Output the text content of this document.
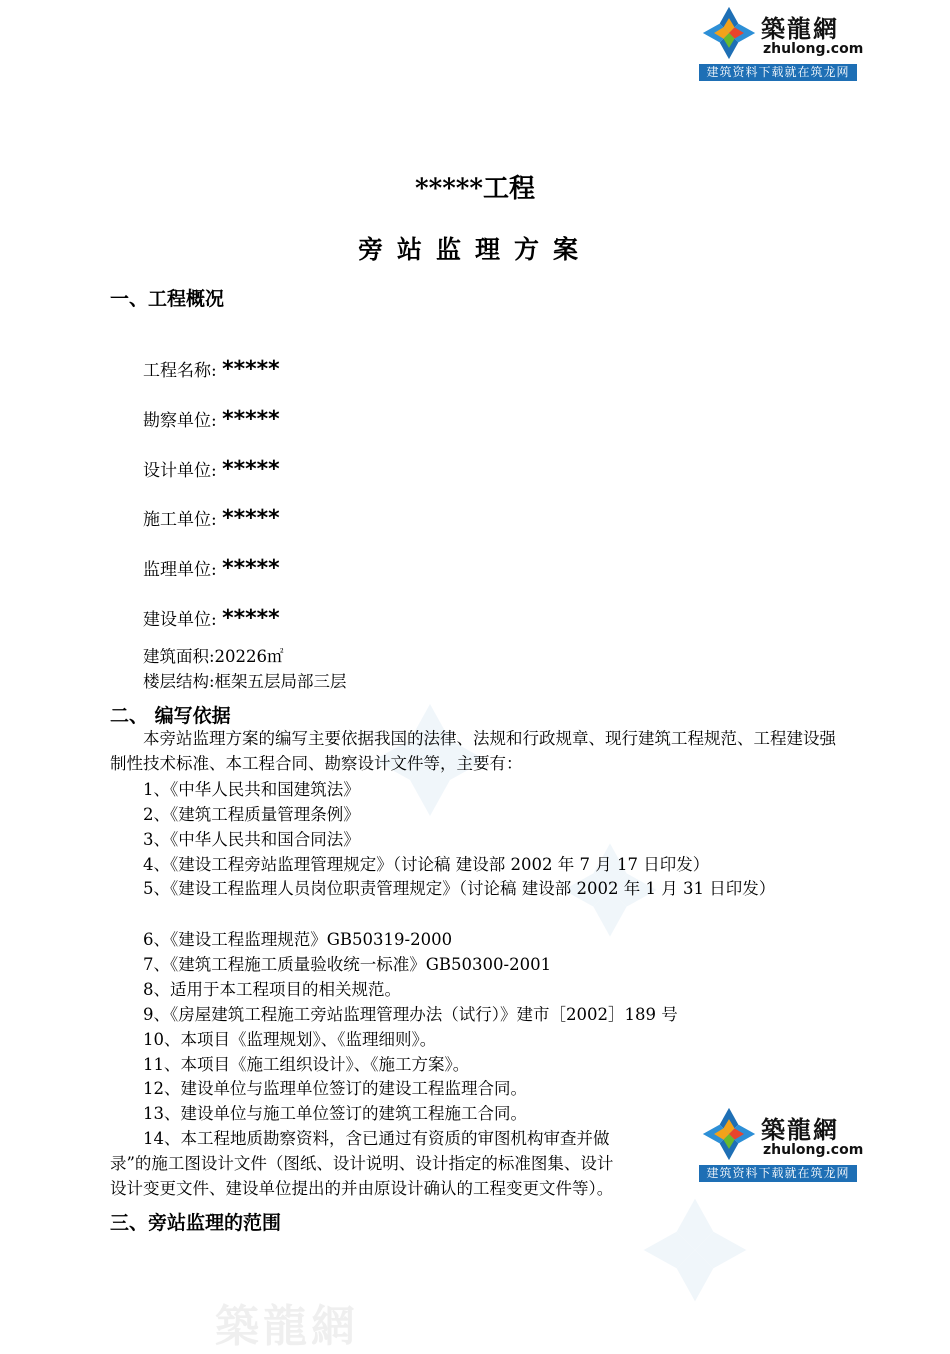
築龍網
築龍網
zhulong.com
建筑资料下载就在筑龙网
築龍網
zhulong.com
建筑资料下载就在筑龙网
*****工程
旁站监理方案
一、工程概况
工程名称: *****
勘察单位: *****
设计单位: *****
施工单位: *****
监理单位: *****
建设单位: *****
建筑面积:20226㎡
楼层结构:框架五层局部三层
二、 编写依据
本旁站监理方案的编写主要依据我国的法律、法规和行政规章、现行建筑工程规范、工程建设强制性技术标准、本工程合同、勘察设计文件等，主要有：
1、《中华人民共和国建筑法》
2、《建筑工程质量管理条例》
3、《中华人民共和国合同法》
4、《建设工程旁站监理管理规定》（讨论稿 建设部 2002 年 7 月 17 日印发）
5、《建设工程监理人员岗位职责管理规定》（讨论稿 建设部 2002 年 1 月 31 日印发）
6、《建设工程监理规范》GB50319-2000
7、《建筑工程施工质量验收统一标准》GB50300-2001
8、适用于本工程项目的相关规范。
9、《房屋建筑工程施工旁站监理管理办法（试行）》建市［2002］189 号
10、本项目《监理规划》、《监理细则》。
11、本项目《施工组织设计》、《施工方案》。
12、建设单位与监理单位签订的建设工程监理合同。
13、建设单位与施工单位签订的建筑工程施工合同。
14、本工程地质勘察资料，含已通过有资质的审图机构审查并做
录”的施工图设计文件（图纸、设计说明、设计指定的标准图集、设计
设计变更文件、建设单位提出的并由原设计确认的工程变更文件等）。
三、旁站监理的范围
